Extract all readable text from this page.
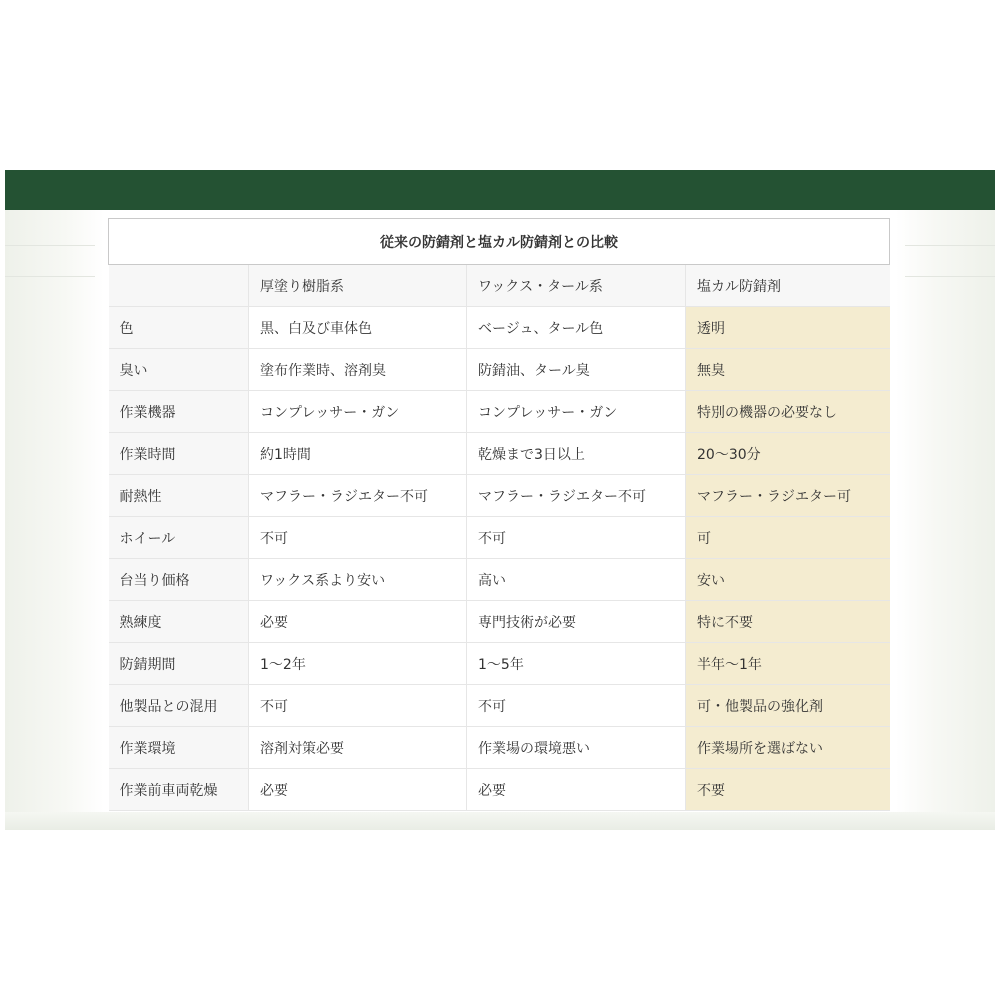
従来の防錆剤と塩カル防錆剤との比較			
	厚塗り樹脂系	ワックス・タール系	塩カル防錆剤
色	黒、白及び車体色	ベージュ、タール色	透明
臭い	塗布作業時、溶剤臭	防錆油、タール臭	無臭
作業機器	コンプレッサー・ガン	コンプレッサー・ガン	特別の機器の必要なし
作業時間	約1時間	乾燥まで3日以上	20〜30分
耐熱性	マフラー・ラジエター不可	マフラー・ラジエター不可	マフラー・ラジエター可
ホイール	不可	不可	可
台当り価格	ワックス系より安い	高い	安い
熟練度	必要	専門技術が必要	特に不要
防錆期間	1〜2年	1〜5年	半年〜1年
他製品との混用	不可	不可	可・他製品の強化剤
作業環境	溶剤対策必要	作業場の環境悪い	作業場所を選ばない
作業前車両乾燥	必要	必要	不要
